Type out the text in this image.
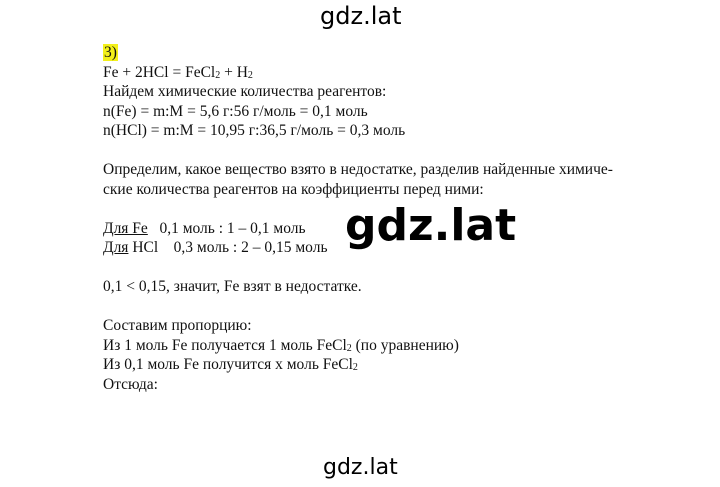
gdz.lat
gdz.lat
gdz.lat
3)
Fe + 2HCl = FeCl$_2$ + $H_2$
Найдем химические количества реагентов:
n(Fe) = m:M = 5,6 г:56 г/моль = 0,1 моль
n(HCl) = m:M = 10,95 г:36,5 г/моль = 0,3 моль
Определим, какое вещество взято в недостатке, разделив найденные химиче-
ские количества реагентов на коэффициенты перед ними:
Для Fe   0,1 моль : 1 – 0,1 моль
Для HCl    0,3 моль : 2 – 0,15 моль
0,1 < 0,15, значит, Fe взят в недостатке.
Составим пропорцию:
Из 1 моль Fe получается 1 моль FeCl$_2$ (по уравнению)
Из 0,1 моль Fe получится х моль FeCl$_2$
Отсюда:
